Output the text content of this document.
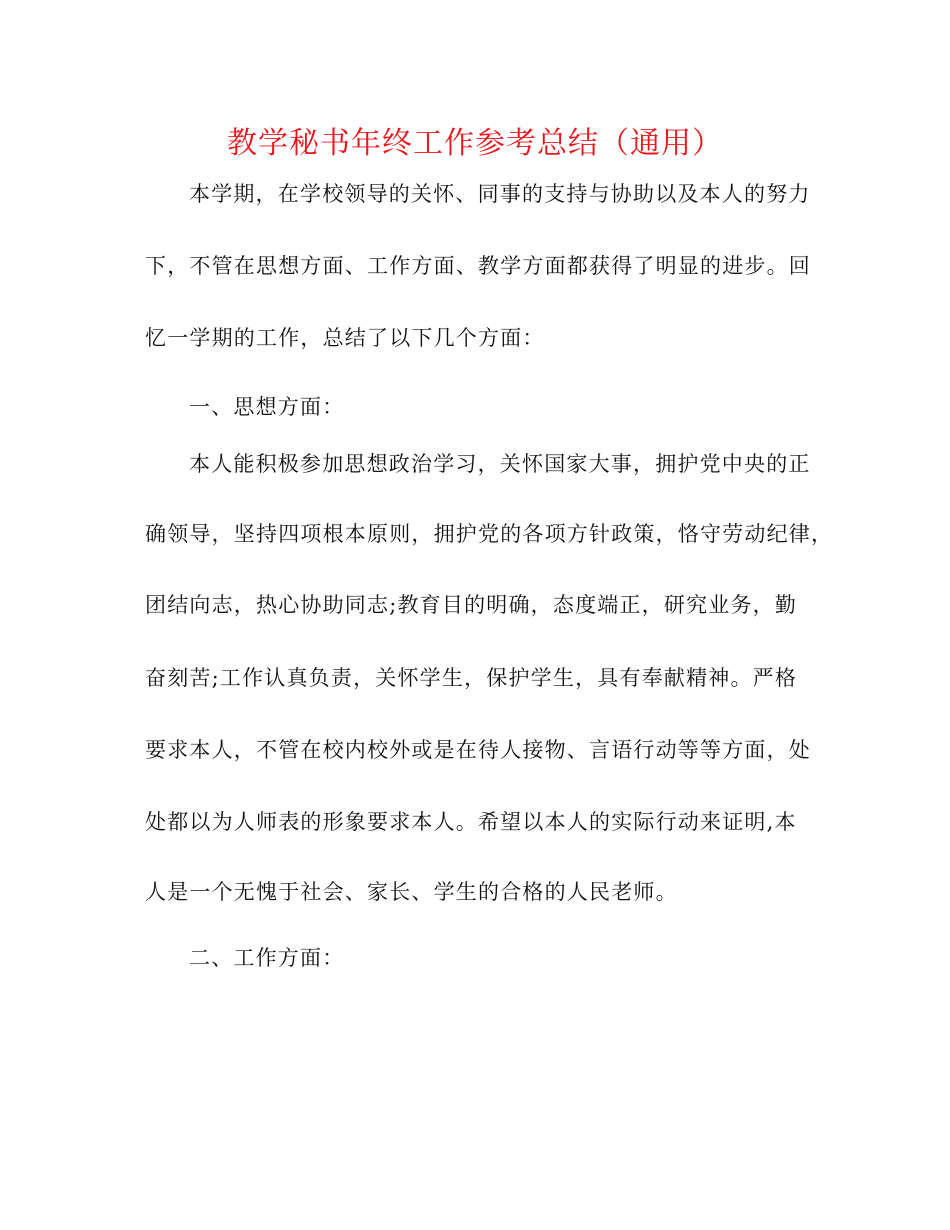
教学秘书年终工作参考总结（通用）
本学期，在学校领导的关怀、同事的支持与协助以及本人的努力
下，不管在思想方面、工作方面、教学方面都获得了明显的进步。回
忆一学期的工作，总结了以下几个方面：
一、思想方面：
本人能积极参加思想政治学习，关怀国家大事，拥护党中央的正
确领导，坚持四项根本原则，拥护党的各项方针政策，恪守劳动纪律，
团结向志，热心协助同志;教育目的明确，态度端正，研究业务，勤
奋刻苦;工作认真负责，关怀学生，保护学生，具有奉献精神。严格
要求本人，不管在校内校外或是在待人接物、言语行动等等方面，处
处都以为人师表的形象要求本人。希望以本人的实际行动来证明,本
人是一个无愧于社会、家长、学生的合格的人民老师。
二、工作方面：
